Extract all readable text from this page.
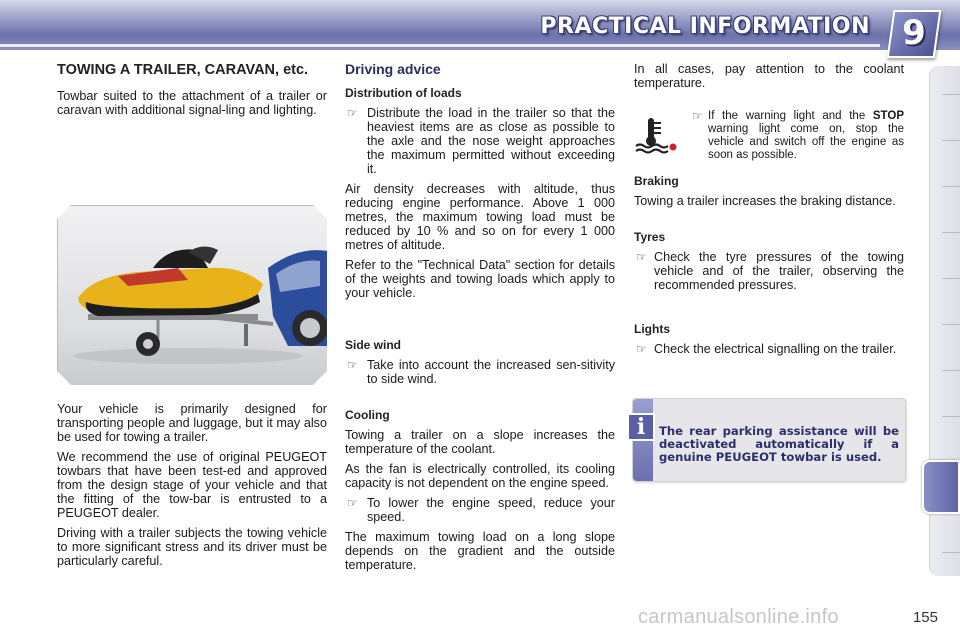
PRACTICAL INFORMATION 9
TOWING A TRAILER, CARAVAN, etc.

Towbar suited to the attachment of a trailer or caravan with additional signal-ling and lighting.

Your vehicle is primarily designed for transporting people and luggage, but it may also be used for towing a trailer.

We recommend the use of original PEUGEOT towbars that have been test-ed and approved from the design stage of your vehicle and that the fitting of the tow-bar is entrusted to a PEUGEOT dealer.

Driving with a trailer subjects the towing vehicle to more significant stress and its driver must be particularly careful.

Driving advice
Distribution of loads
☞ Distribute the load in the trailer so that the heaviest items are as close as possible to the axle and the nose weight approaches the maximum permitted without exceeding it.

Air density decreases with altitude, thus reducing engine performance. Above 1 000 metres, the maximum towing load must be reduced by 10 % and so on for every 1 000 metres of altitude.

Refer to the "Technical Data" section for details of the weights and towing loads which apply to your vehicle.

Side wind
☞ Take into account the increased sen-sitivity to side wind.
Cooling

Towing a trailer on a slope increases the temperature of the coolant.

As the fan is electrically controlled, its cooling capacity is not dependent on the engine speed.

☞ To lower the engine speed, reduce your speed.

The maximum towing load on a long slope depends on the gradient and the outside temperature.

In all cases, pay attention to the coolant temperature.

☞ If the warning light and the STOP warning light come on, stop the vehicle and switch off the engine as soon as possible.
Braking

Towing a trailer increases the braking distance.

Tyres
☞ Check the tyre pressures of the towing vehicle and of the trailer, observing the recommended pressures.
Lights
☞ Check the electrical signalling on the trailer.
i	The rear parking assistance will be deactivated automatically if a genuine PEUGEOT towbar is used.
carmanualsonline.info	155
